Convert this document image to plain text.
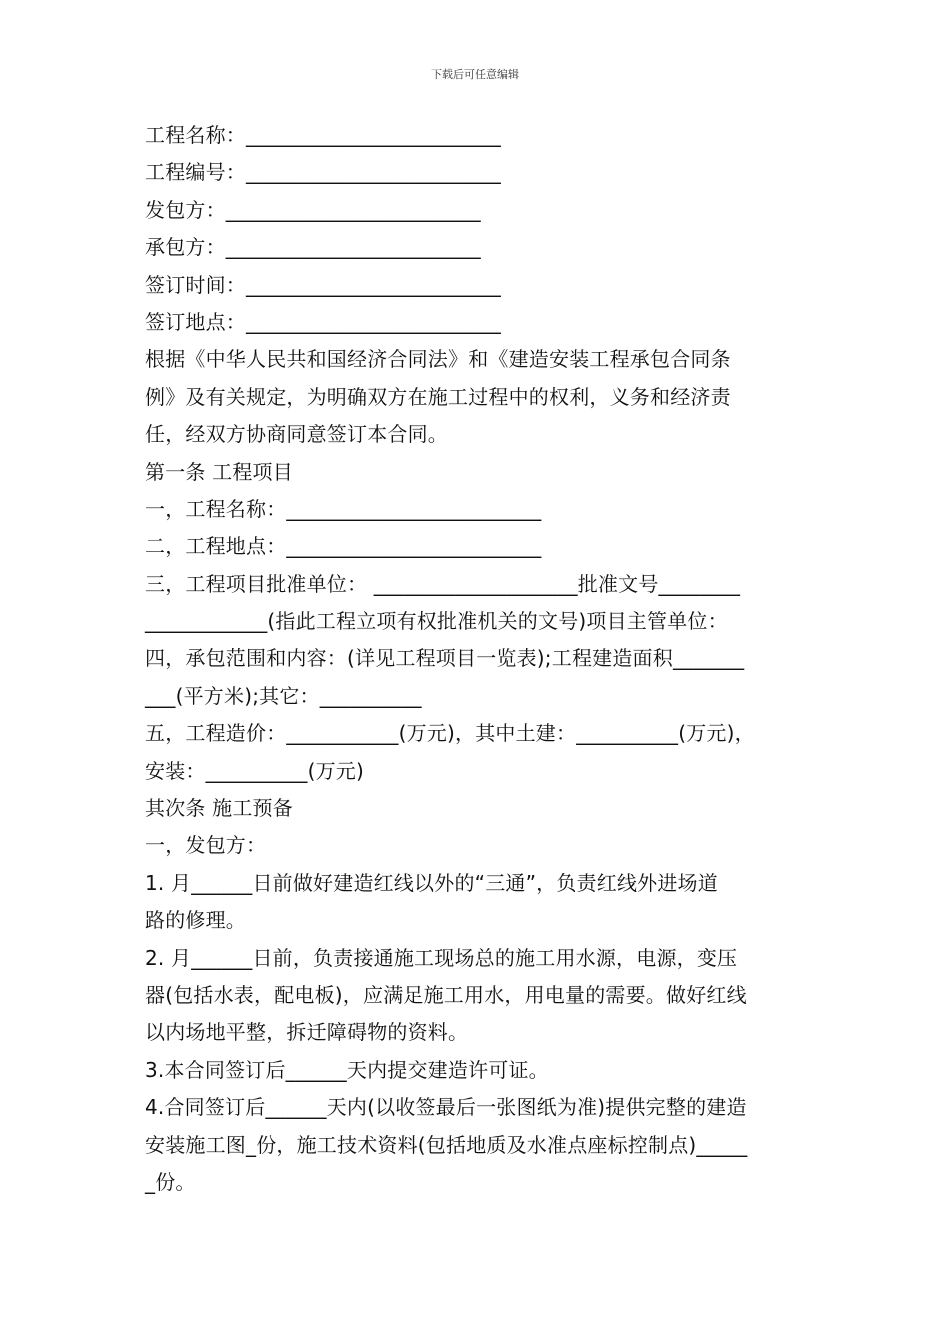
下载后可任意编辑
工程名称：_________________________
工程编号：_________________________
发包方：_________________________
承包方：_________________________
签订时间：_________________________
签订地点：_________________________
根据《中华人民共和国经济合同法》和《建造安装工程承包合同条
例》及有关规定，为明确双方在施工过程中的权利，义务和经济责
任，经双方协商同意签订本合同。
第一条 工程项目
一，工程名称：_________________________
二，工程地点：_________________________
三，工程项目批准单位： ____________________批准文号________
____________(指此工程立项有权批准机关的文号)项目主管单位：
四，承包范围和内容：(详见工程项目一览表);工程建造面积_______
___(平方米);其它：__________
五，工程造价：___________(万元)，其中土建：__________(万元)，
安装：__________(万元)
其次条 施工预备
一，发包方：
1. 月______日前做好建造红线以外的“三通”，负责红线外进场道
路的修理。
2. 月______日前，负责接通施工现场总的施工用水源，电源，变压
器(包括水表，配电板)，应满足施工用水，用电量的需要。做好红线
以内场地平整，拆迁障碍物的资料。
3.本合同签订后______天内提交建造许可证。
4.合同签订后______天内(以收签最后一张图纸为准)提供完整的建造
安装施工图_份，施工技术资料(包括地质及水准点座标控制点)_____
_份。
